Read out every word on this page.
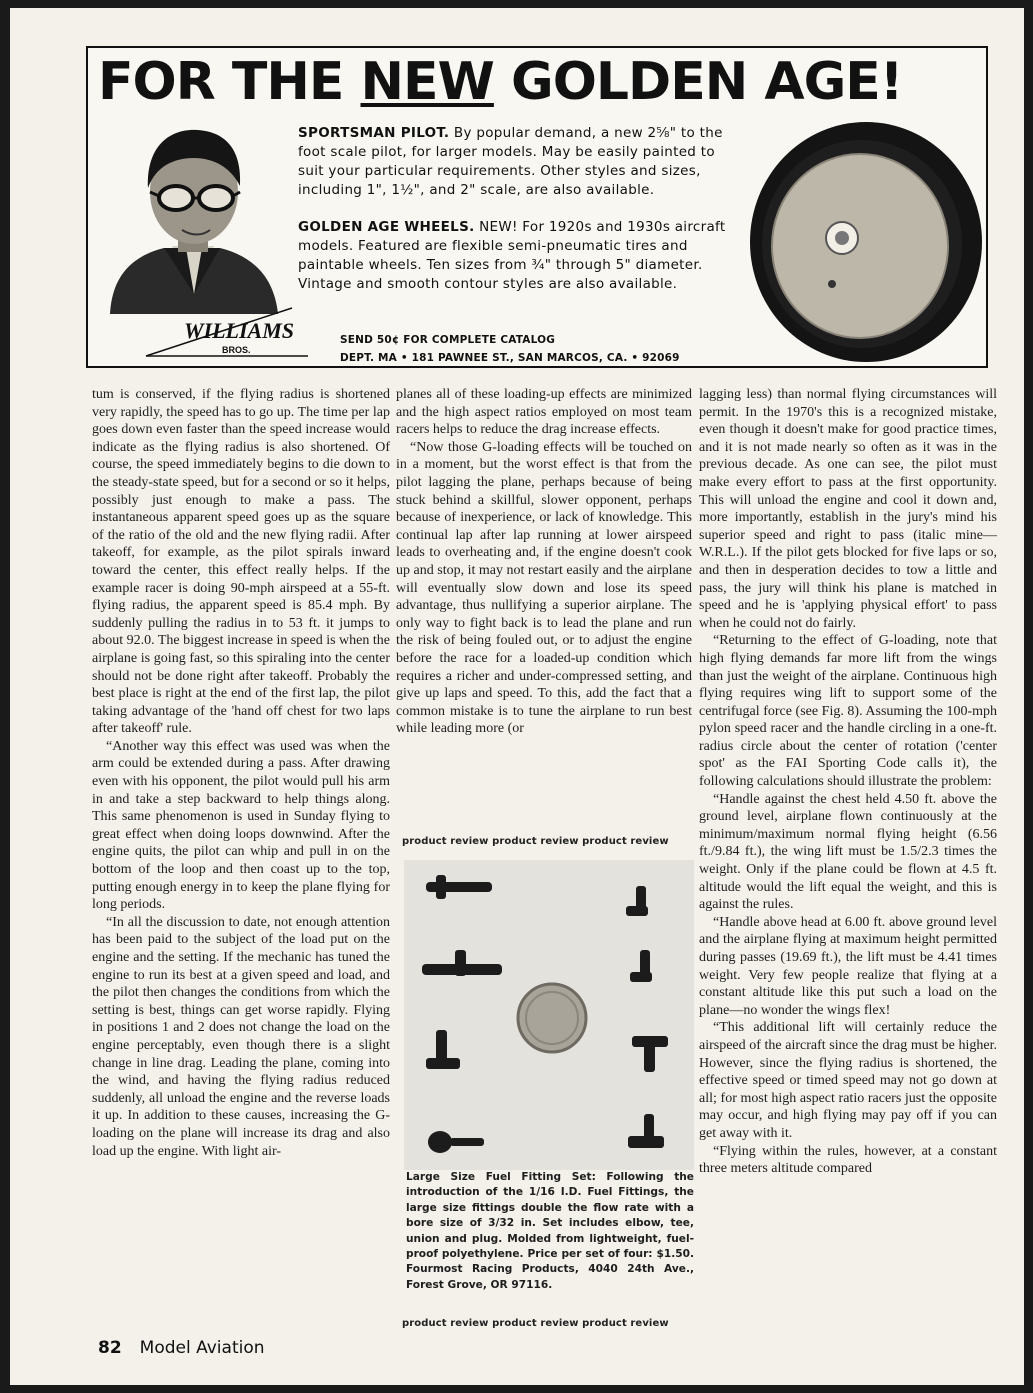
FOR THE NEW GOLDEN AGE!

SPORTSMAN PILOT. By popular demand, a new 2⅝" to the foot scale pilot, for larger models. May be easily painted to suit your particular requirements. Other styles and sizes, including 1", 1½", and 2" scale, are also available.

GOLDEN AGE WHEELS. NEW! For 1920s and 1930s aircraft models. Featured are flexible semi-pneumatic tires and paintable wheels. Ten sizes from ¾" through 5" diameter. Vintage and smooth contour styles are also available.

WILLIAMS
BROS.
SEND 50¢ FOR COMPLETE CATALOG
DEPT. MA • 181 PAWNEE ST., SAN MARCOS, CA. • 92069

tum is conserved, if the flying radius is shortened very rapidly, the speed has to go up. The time per lap goes down even faster than the speed increase would indicate as the flying radius is also shortened. Of course, the speed immediately begins to die down to the steady-state speed, but for a second or so it helps, possibly just enough to make a pass. The instantaneous apparent speed goes up as the square of the ratio of the old and the new flying radii. After takeoff, for example, as the pilot spirals inward toward the center, this effect really helps. If the example racer is doing 90-mph airspeed at a 55-ft. flying radius, the apparent speed is 85.4 mph. By suddenly pulling the radius in to 53 ft. it jumps to about 92.0. The biggest increase in speed is when the airplane is going fast, so this spiraling into the center should not be done right after takeoff. Probably the best place is right at the end of the first lap, the pilot taking advantage of the 'hand off chest for two laps after takeoff' rule.

“Another way this effect was used was when the arm could be extended during a pass. After drawing even with his opponent, the pilot would pull his arm in and take a step backward to help things along. This same phenomenon is used in Sunday flying to great effect when doing loops downwind. After the engine quits, the pilot can whip and pull in on the bottom of the loop and then coast up to the top, putting enough energy in to keep the plane flying for long periods.

“In all the discussion to date, not enough attention has been paid to the subject of the load put on the engine and the setting. If the mechanic has tuned the engine to run its best at a given speed and load, and the pilot then changes the conditions from which the setting is best, things can get worse rapidly. Flying in positions 1 and 2 does not change the load on the engine perceptably, even though there is a slight change in line drag. Leading the plane, coming into the wind, and having the flying radius reduced suddenly, all unload the engine and the reverse loads it up. In addition to these causes, increasing the G-loading on the plane will increase its drag and also load up the engine. With light air-

planes all of these loading-up effects are minimized and the high aspect ratios employed on most team racers helps to reduce the drag increase effects.

“Now those G-loading effects will be touched on in a moment, but the worst effect is that from the pilot lagging the plane, perhaps because of being stuck behind a skillful, slower opponent, perhaps because of inexperience, or lack of knowledge. This continual lap after lap running at lower airspeed leads to overheating and, if the engine doesn't cook up and stop, it may not restart easily and the airplane will eventually slow down and lose its speed advantage, thus nullifying a superior airplane. The only way to fight back is to lead the plane and run the risk of being fouled out, or to adjust the engine before the race for a loaded-up condition which requires a richer and under-compressed setting, and give up laps and speed. To this, add the fact that a common mistake is to tune the airplane to run best while leading more (or

product review product review product review

Large Size Fuel Fitting Set: Following the introduction of the 1/16 I.D. Fuel Fittings, the large size fittings double the flow rate with a bore size of 3/32 in. Set includes elbow, tee, union and plug. Molded from lightweight, fuel-proof polyethylene. Price per set of four: $1.50. Fourmost Racing Products, 4040 24th Ave., Forest Grove, OR 97116.

product review product review product review

lagging less) than normal flying circumstances will permit. In the 1970's this is a recognized mistake, even though it doesn't make for good practice times, and it is not made nearly so often as it was in the previous decade. As one can see, the pilot must make every effort to pass at the first opportunity. This will unload the engine and cool it down and, more importantly, establish in the jury's mind his superior speed and right to pass (italic mine—W.R.L.). If the pilot gets blocked for five laps or so, and then in desperation decides to tow a little and pass, the jury will think his plane is matched in speed and he is 'applying physical effort' to pass when he could not do fairly.

“Returning to the effect of G-loading, note that high flying demands far more lift from the wings than just the weight of the airplane. Continuous high flying requires wing lift to support some of the centrifugal force (see Fig. 8). Assuming the 100-mph pylon speed racer and the handle circling in a one-ft. radius circle about the center of rotation ('center spot' as the FAI Sporting Code calls it), the following calculations should illustrate the problem:

“Handle against the chest held 4.50 ft. above the ground level, airplane flown continuously at the minimum/maximum normal flying height (6.56 ft./9.84 ft.), the wing lift must be 1.5/2.3 times the weight. Only if the plane could be flown at 4.5 ft. altitude would the lift equal the weight, and this is against the rules.

“Handle above head at 6.00 ft. above ground level and the airplane flying at maximum height permitted during passes (19.69 ft.), the lift must be 4.41 times weight. Very few people realize that flying at a constant altitude like this put such a load on the plane—no wonder the wings flex!

“This additional lift will certainly reduce the airspeed of the aircraft since the drag must be higher. However, since the flying radius is shortened, the effective speed or timed speed may not go down at all; for most high aspect ratio racers just the opposite may occur, and high flying may pay off if you can get away with it.

“Flying within the rules, however, at a constant three meters altitude compared

82 Model Aviation
